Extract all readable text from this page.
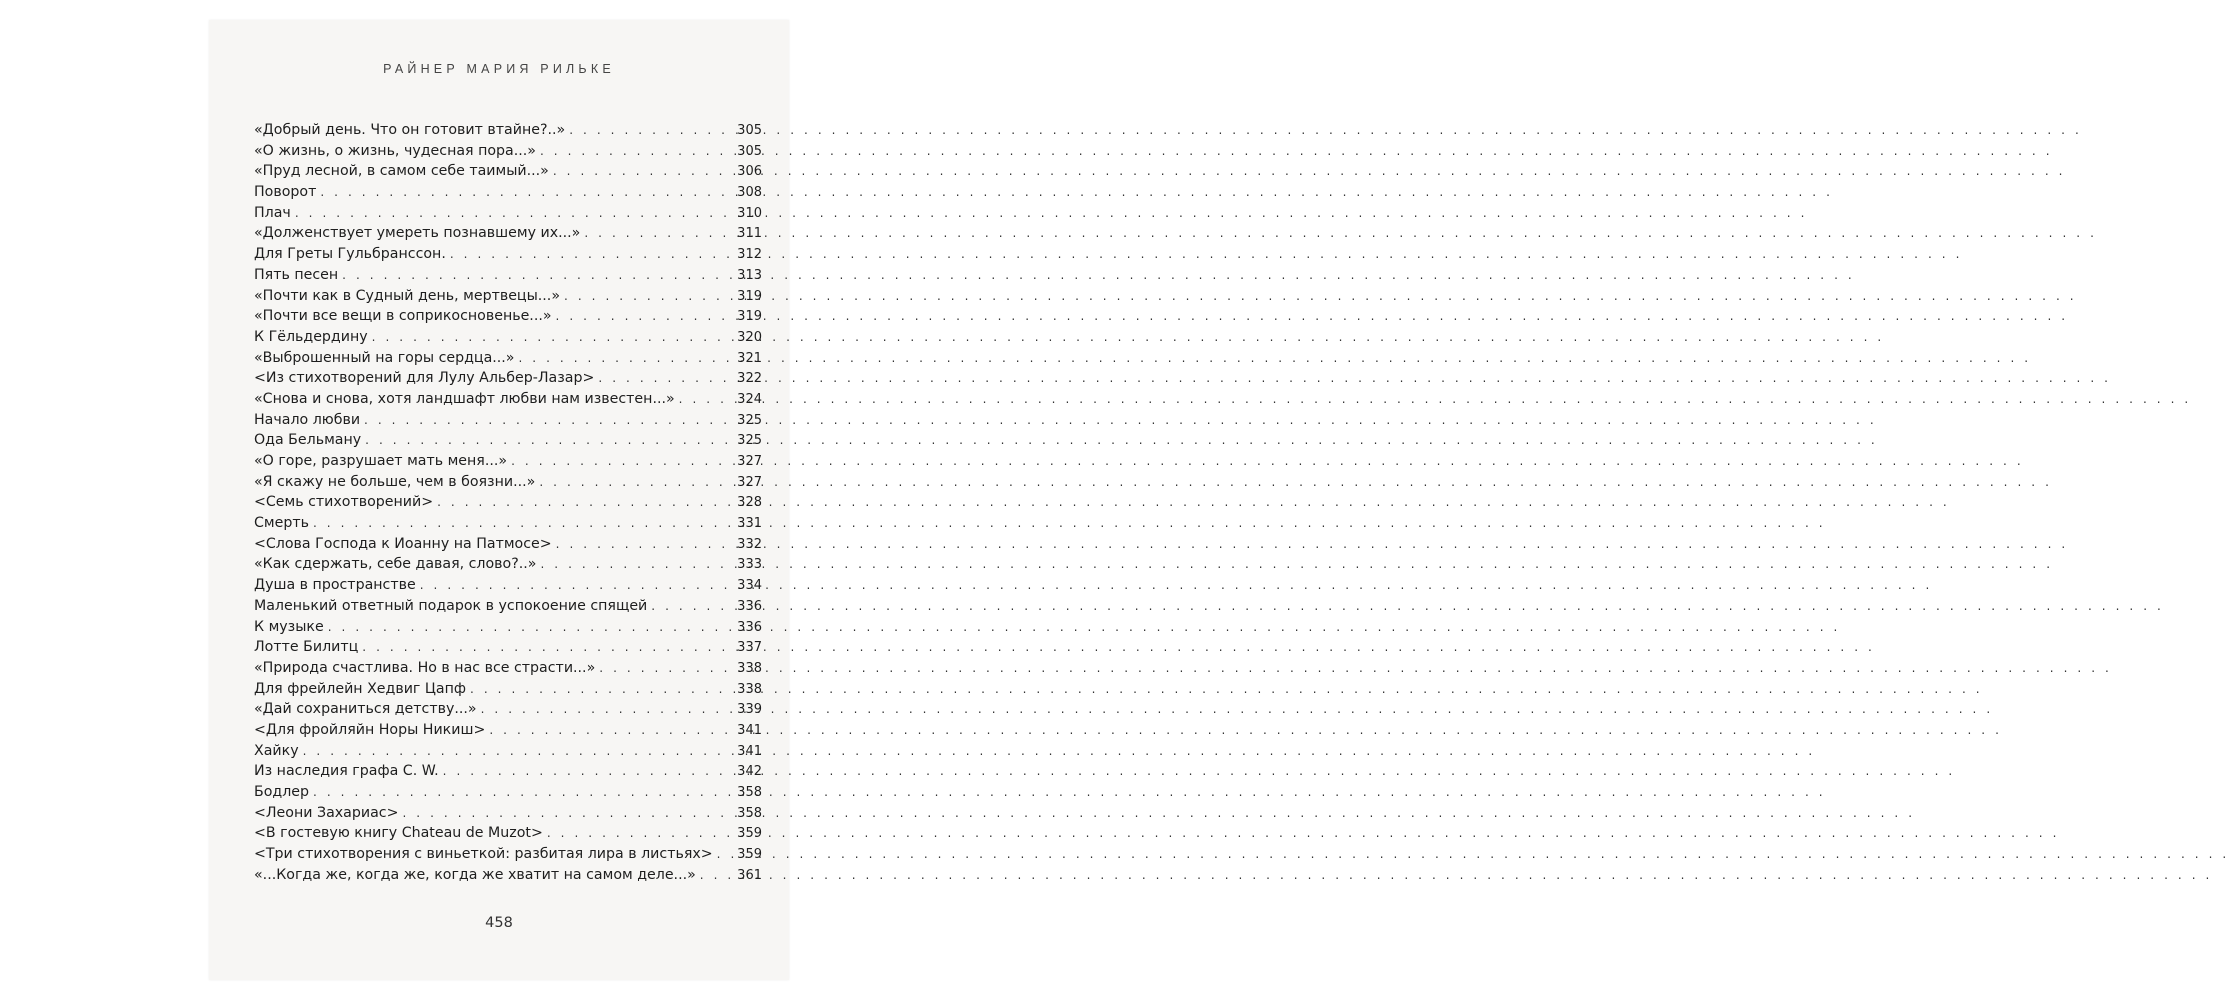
РАЙНЕР МАРИЯ РИЛЬКЕ
«Добрый день. Что он готовит втайне?..» .....	305
«О жизнь, о жизнь, чудесная пора...» .....	305
«Пруд лесной, в самом себе таимый...» .....	306
Поворот .....	308
Плач .....	310
«Долженствует умереть познавшему их...» .....	311
Для Греты Гульбранссон. .....	312
Пять песен .....	313
«Почти как в Судный день, мертвецы...» .....	319
«Почти все вещи в соприкосновенье...» .....	319
К Гёльдердину .....	320
«Выброшенный на горы сердца...» .....	321
<Из стихотворений для Лулу Альбер-Лазар> .....	322
«Снова и снова, хотя ландшафт любви нам известен...» .....	324
Начало любви .....	325
Ода Бельману .....	325
«О горе, разрушает мать меня...» .....	327
«Я скажу не больше, чем в боязни...» .....	327
<Семь стихотворений> .....	328
Смерть .....	331
<Слова Господа к Иоанну на Патмосе> .....	332
«Как сдержать, себе давая, слово?..» .....	333
Душа в пространстве .....	334
Маленький ответный подарок в успокоение спящей .....	336
К музыке .....	336
Лотте Билитц .....	337
«Природа счастлива. Но в нас все страсти...» .....	338
Для фрейлейн Хедвиг Цапф .....	338
«Дай сохраниться детству...» .....	339
<Для фройляйн Норы Никиш> .....	341
Хайку .....	341
Из наследия графа C. W. .....	342
Бодлер .....	358
<Леони Захариас> .....	358
<В гостевую книгу Chateau de Muzot> .....	359
<Три стихотворения с виньеткой: разбитая лира в листьях> .....	359
«...Когда же, когда же, когда же хватит на самом деле...» .....	361
458
